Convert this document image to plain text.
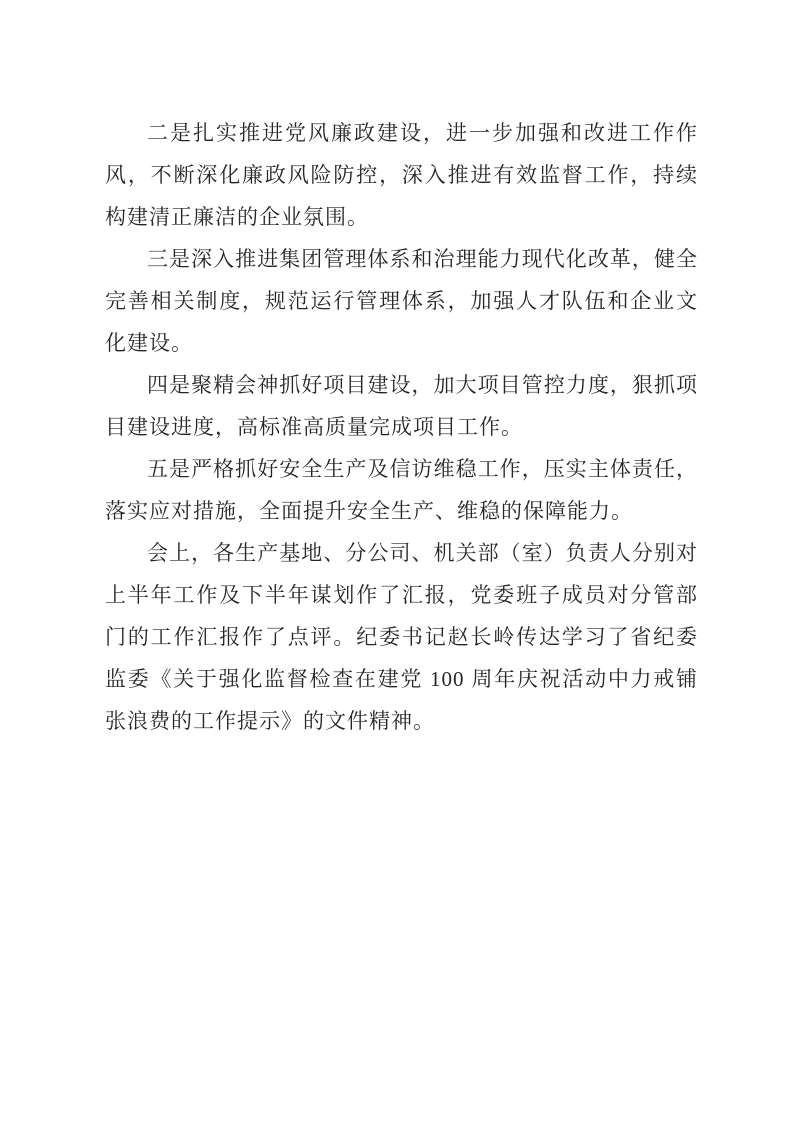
二是扎实推进党风廉政建设，进一步加强和改进工作作风，不断深化廉政风险防控，深入推进有效监督工作，持续构建清正廉洁的企业氛围。

三是深入推进集团管理体系和治理能力现代化改革，健全完善相关制度，规范运行管理体系，加强人才队伍和企业文化建设。

四是聚精会神抓好项目建设，加大项目管控力度，狠抓项目建设进度，高标准高质量完成项目工作。

五是严格抓好安全生产及信访维稳工作，压实主体责任，落实应对措施，全面提升安全生产、维稳的保障能力。

会上，各生产基地、分公司、机关部（室）负责人分别对上半年工作及下半年谋划作了汇报，党委班子成员对分管部门的工作汇报作了点评。纪委书记赵长岭传达学习了省纪委监委《关于强化监督检查在建党 100 周年庆祝活动中力戒铺张浪费的工作提示》的文件精神。
